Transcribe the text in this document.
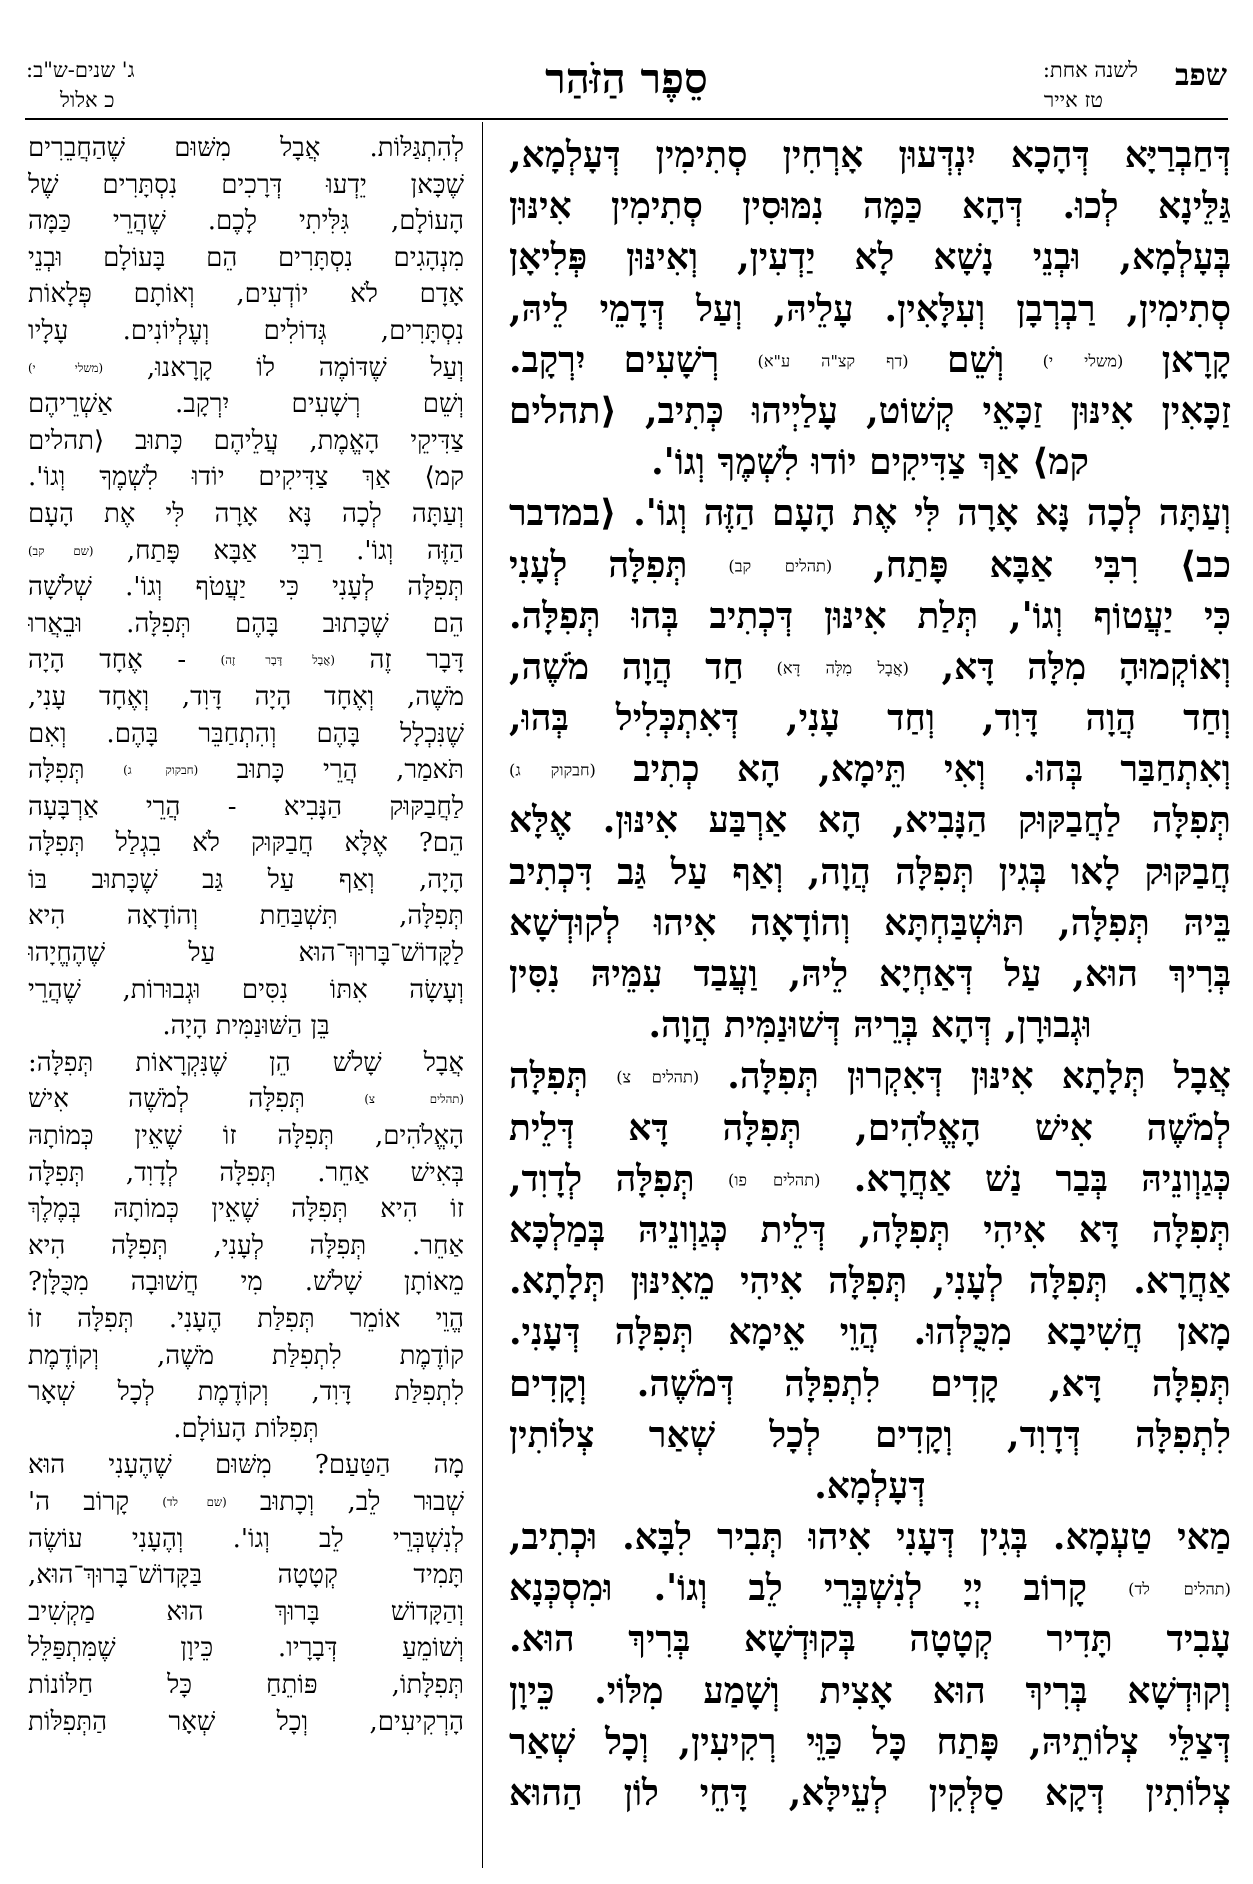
שפב
לשנה אחת:
טז אייר
סֵפֶר הַזֹּהַר
ג' שנים-ש"ב:
כ אלול
דְּחַבְרַיָּא דְּהָכָא יִנְדְּעוּן אָרְחִין סְתִימִין דְּעָלְמָא,
גַּלֵּינָא לְכוּ. דְּהָא כַּמָּה נִמּוּסִין סְתִימִין אִינּוּן
בְּעָלְמָא, וּבְנֵי נָשָׁא לָא יַדְעִין, וְאִינּוּן פְּלִיאָן
סְתִימִין, רַבְרְבָן וְעִלָּאִין. עָלֵיהּ, וְעַל דְּדָמֵי לֵיהּ,
קָרָאן (משלי י) וְשֵׁם (דף קצ"ה ע"א) רְשָׁעִים יִרְקָב.
זַכָּאִין אִינּוּן זַכָּאֵי קְשׁוֹט, עָלַיְיהוּ כְּתִיב, ⟨תהלים
קמ⟩ אַךְ צַדִּיקִים יוֹדוּ לִשְׁמֶךָ וְגוֹ'.
וְעַתָּה לְכָה נָּא אָרָה לִּי אֶת הָעָם הַזֶּה וְגוֹ'. ⟨במדבר
כב⟩ רִבִּי אַבָּא פָּתַח, (תהלים קב) תְּפִלָּה לְעָנִי
כִּי יַעֲטוֹף וְגוֹ', תְּלַת אִינּוּן דְּכְתִיב בְּהוּ תְּפִלָּה.
וְאוֹקְמוּהָ מִלָּה דָּא, (אֲבָל מִלָּה דָּא) חַד הֲוָה מֹשֶׁה,
וְחַד הֲוָה דָּוִד, וְחַד עָנִי, דְּאִתְכְּלִיל בְּהוּ,
וְאִתְחַבַּר בְּהוּ. וְאִי תֵּימָא, הָא כְתִיב (חבקוק ג)
תְּפִלָּה לַחֲבַקּוּק הַנָּבִיא, הָא אַרְבַּע אִינּוּן. אֶלָּא
חֲבַקּוּק לָאו בְּגִין תְּפִלָּה הֲוָה, וְאַף עַל גַּב דִּכְתִיב
בֵּיהּ תְּפִלָּה, תּוּשְׁבַּחְתָּא וְהוֹדָאָה אִיהוּ לְקוּדְשָׁא
בְּרִיךְ הוּא, עַל דְּאַחְיָא לֵיהּ, וַעֲבַד עִמֵּיהּ נִסִּין
וּגְבוּרָן, דְּהָא בְּרֵיהּ דְּשׁוּנַמִּית הֲוָה.
אֲבָל תְּלָתָא אִינּוּן דְּאִקְרוּן תְּפִלָּה. (תהלים צ) תְּפִלָּה
לְמֹשֶׁה אִישׁ הָאֱלֹהִים, תְּפִלָּה דָּא דְּלֵית
כְּגַוְונֵיהּ בְּבַר נַשׁ אַחֲרָא. (תהלים פו) תְּפִלָּה לְדָוִד,
תְּפִלָּה דָּא אִיהִי תְּפִלָּה, דְּלֵית כְּגַוְונֵיהּ בְּמַלְכָּא
אַחֲרָא. תְּפִלָּה לְעָנִי, תְּפִלָּה אִיהִי מֵאִינּוּן תְּלָתָא.
מָאן חֲשִׁיבָא מִכֻּלְּהוּ. הֲוֵי אֵימָא תְּפִלָּה דְּעָנִי.
תְּפִלָּה דָּא, קָדִים לִתְפִלָּה דְּמֹשֶׁה. וְקָדִים
לִתְפִלָּה דְּדָוִד, וְקָדִים לְכָל שְׁאַר צְלוֹתִין
דְּעָלְמָא.
מַאי טַעְמָא. בְּגִין דְּעָנִי אִיהוּ תְּבִיר לִבָּא. וּכְתִיב,
(תהלים לד) קָרוֹב יְיָ לְנִשְׁבְּרֵי לֵב וְגוֹ'. וּמִסְכְּנָא
עָבִיד תָּדִיר קְטָטָה בְּקוּדְשָׁא בְּרִיךְ הוּא.
וְקוּדְשָׁא בְּרִיךְ הוּא אָצִית וְשָׁמַע מִלּוֹי. כֵּיוָן
דְּצַלֵּי צְלוֹתֵיהּ, פָּתַח כָּל כַּוֵּי רְקִיעִין, וְכָל שְׁאַר
צְלוֹתִין דְּקָא סַלְּקִין לְעֵילָּא, דָּחֵי לוֹן הַהוּא
לְהִתְגַּלּוֹת. אֲבָל מִשּׁוּם שֶׁהַחֲבֵרִים
שֶׁכָּאן יֵדְעוּ דְּרָכִים נִסְתָּרִים שֶׁל
הָעוֹלָם, גִּלִּיתִי לָכֶם. שֶׁהֲרֵי כַּמָּה
מִנְהָגִים נִסְתָּרִים הֵם בָּעוֹלָם וּבְנֵי
אָדָם לֹא יוֹדְעִים, וְאוֹתָם פְּלָאוֹת
נִסְתָּרִים, גְּדוֹלִים וְעֶלְיוֹנִים. עָלָיו
וְעַל שֶׁדּוֹמֶה לוֹ קָרָאנוּ, (משלי י)
וְשֵׁם רְשָׁעִים יִרְקָב. אַשְׁרֵיהֶם
צַדִּיקֵי הָאֱמֶת, עֲלֵיהֶם כָּתוּב ⟨תהלים
קמ⟩ אַךְ צַדִּיקִים יוֹדוּ לִשְׁמֶךָ וְגוֹ'.
וְעַתָּה לְכָה נָּא אָרָה לִּי אֶת הָעָם
הַזֶּה וְגוֹ'. רַבִּי אַבָּא פָּתַח, (שם קב)
תְּפִלָּה לְעָנִי כִּי יַעֲטֹף וְגוֹ'. שְׁלֹשָׁה
הֵם שֶׁכָּתוּב בָּהֶם תְּפִלָּה. וּבֵאֲרוּ
דָּבָר זֶה (אֲבָל דָּבָר זֶה) - אֶחָד הָיָה
מֹשֶׁה, וְאֶחָד הָיָה דָּוִד, וְאֶחָד עָנִי,
שֶׁנִּכְלָל בָּהֶם וְהִתְחַבֵּר בָּהֶם. וְאִם
תֹּאמַר, הֲרֵי כָּתוּב (חבקוק ג) תְּפִלָּה
לַחֲבַקּוּק הַנָּבִיא - הֲרֵי אַרְבָּעָה
הֵם? אֶלָּא חֲבַקּוּק לֹא בִגְלַל תְּפִלָּה
הָיָה, וְאַף עַל גַּב שֶׁכָּתוּב בּוֹ
תְּפִלָּה, תִּשְׁבַּחַת וְהוֹדָאָה הִיא
לַקָּדוֹשׁ־בָּרוּךְ־הוּא עַל שֶׁהֶחֱיָהוּ
וְעָשָׂה אִתּוֹ נִסִּים וּגְבוּרוֹת, שֶׁהֲרֵי
בֵּן הַשּׁוּנַמִּית הָיָה.
אֲבָל שָׁלֹשׁ הֵן שֶׁנִּקְרָאוֹת תְּפִלָּה:
(תהלים צ) תְּפִלָּה לְמֹשֶׁה אִישׁ
הָאֱלֹהִים, תְּפִלָּה זוֹ שֶׁאֵין כְּמוֹתָהּ
בְּאִישׁ אַחֵר. תְּפִלָּה לְדָוִד, תְּפִלָּה
זוֹ הִיא תְּפִלָּה שֶׁאֵין כְּמוֹתָהּ בְּמֶלֶךְ
אַחֵר. תְּפִלָּה לְעָנִי, תְּפִלָּה הִיא
מֵאוֹתָן שָׁלֹשׁ. מִי חֲשׁוּבָה מִכֻּלָּן?
הֱוֵי אוֹמֵר תְּפִלַּת הֶעָנִי. תְּפִלָּה זוֹ
קוֹדֶמֶת לִתְפִלַּת מֹשֶׁה, וְקוֹדֶמֶת
לִתְפִלַּת דָּוִד, וְקוֹדֶמֶת לְכָל שְׁאָר
תְּפִלּוֹת הָעוֹלָם.
מָה הַטַּעַם? מִשּׁוּם שֶׁהֶעָנִי הוּא
שְׁבוּר לֵב, וְכָתוּב (שם לד) קָרוֹב ה'
לְנִשְׁבְּרֵי לֵב וְגוֹ'. וְהֶעָנִי עוֹשֶׂה
תָּמִיד קְטָטָה בַּקָּדוֹשׁ־בָּרוּךְ־הוּא,
וְהַקָּדוֹשׁ בָּרוּךְ הוּא מַקְשִׁיב
וְשׁוֹמֵעַ דְּבָרָיו. כֵּיוָן שֶׁמִּתְפַּלֵּל
תְּפִלָּתוֹ, פּוֹתֵחַ כָּל חַלּוֹנוֹת
הָרְקִיעִים, וְכָל שְׁאָר הַתְּפִלּוֹת
